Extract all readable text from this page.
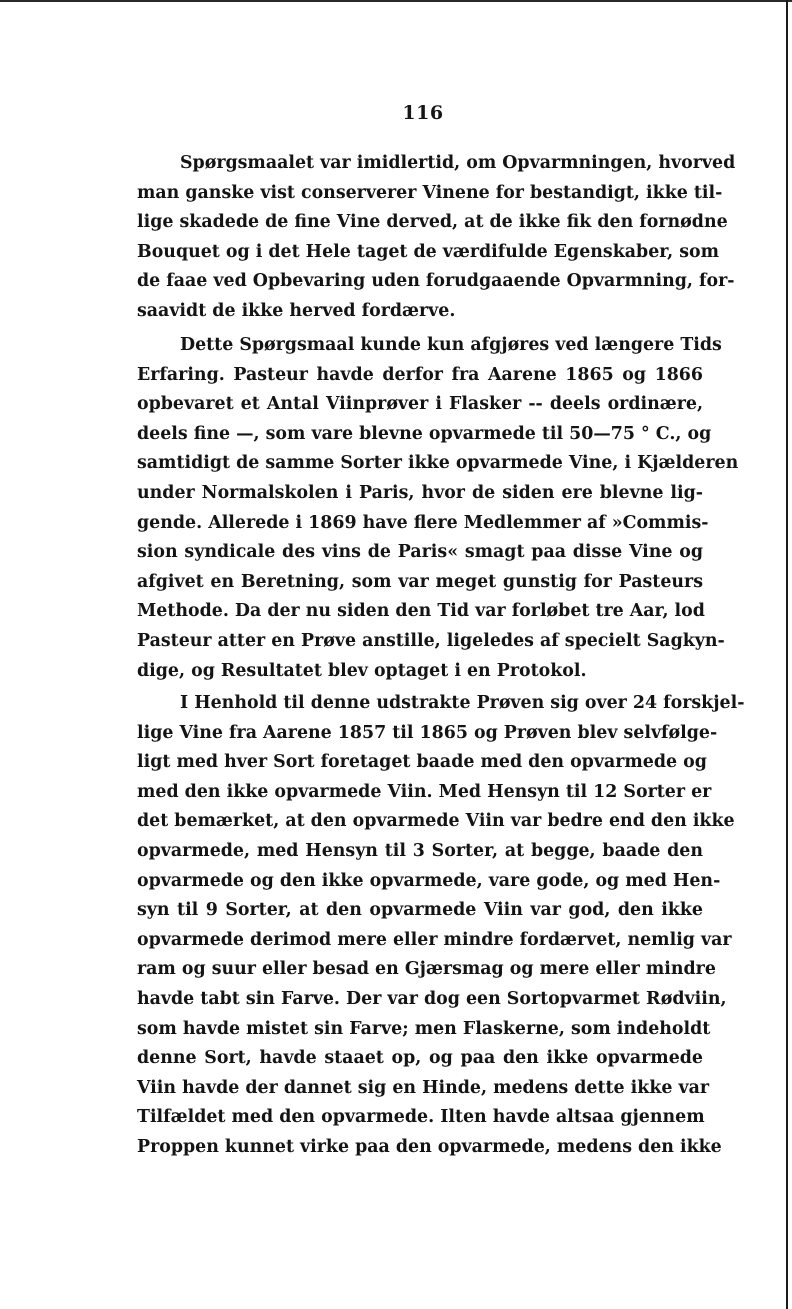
116
Spørgsmaalet var imidlertid, om Opvarmningen, hvorved
man ganske vist conserverer Vinene for bestandigt, ikke til-
lige skadede de fine Vine derved, at de ikke fik den fornødne
Bouquet og i det Hele taget de værdifulde Egenskaber, som
de faae ved Opbevaring uden forudgaaende Opvarmning, for-
saavidt de ikke herved fordærve.
Dette Spørgsmaal kunde kun afgjøres ved længere Tids
Erfaring. Pasteur havde derfor fra Aarene 1865 og 1866
opbevaret et Antal Viinprøver i Flasker -- deels ordinære,
deels fine —, som vare blevne opvarmede til 50—75 ° C., og
samtidigt de samme Sorter ikke opvarmede Vine, i Kjælderen
under Normalskolen i Paris, hvor de siden ere blevne lig-
gende. Allerede i 1869 have flere Medlemmer af »Commis-
sion syndicale des vins de Paris« smagt paa disse Vine og
afgivet en Beretning, som var meget gunstig for Pasteurs
Methode. Da der nu siden den Tid var forløbet tre Aar, lod
Pasteur atter en Prøve anstille, ligeledes af specielt Sagkyn-
dige, og Resultatet blev optaget i en Protokol.
I Henhold til denne udstrakte Prøven sig over 24 forskjel-
lige Vine fra Aarene 1857 til 1865 og Prøven blev selvfølge-
ligt med hver Sort foretaget baade med den opvarmede og
med den ikke opvarmede Viin. Med Hensyn til 12 Sorter er
det bemærket, at den opvarmede Viin var bedre end den ikke
opvarmede, med Hensyn til 3 Sorter, at begge, baade den
opvarmede og den ikke opvarmede, vare gode, og med Hen-
syn til 9 Sorter, at den opvarmede Viin var god, den ikke
opvarmede derimod mere eller mindre fordærvet, nemlig var
ram og suur eller besad en Gjærsmag og mere eller mindre
havde tabt sin Farve. Der var dog een Sortopvarmet Rødviin,
som havde mistet sin Farve; men Flaskerne, som indeholdt
denne Sort, havde staaet op, og paa den ikke opvarmede
Viin havde der dannet sig en Hinde, medens dette ikke var
Tilfældet med den opvarmede. Ilten havde altsaa gjennem
Proppen kunnet virke paa den opvarmede, medens den ikke
